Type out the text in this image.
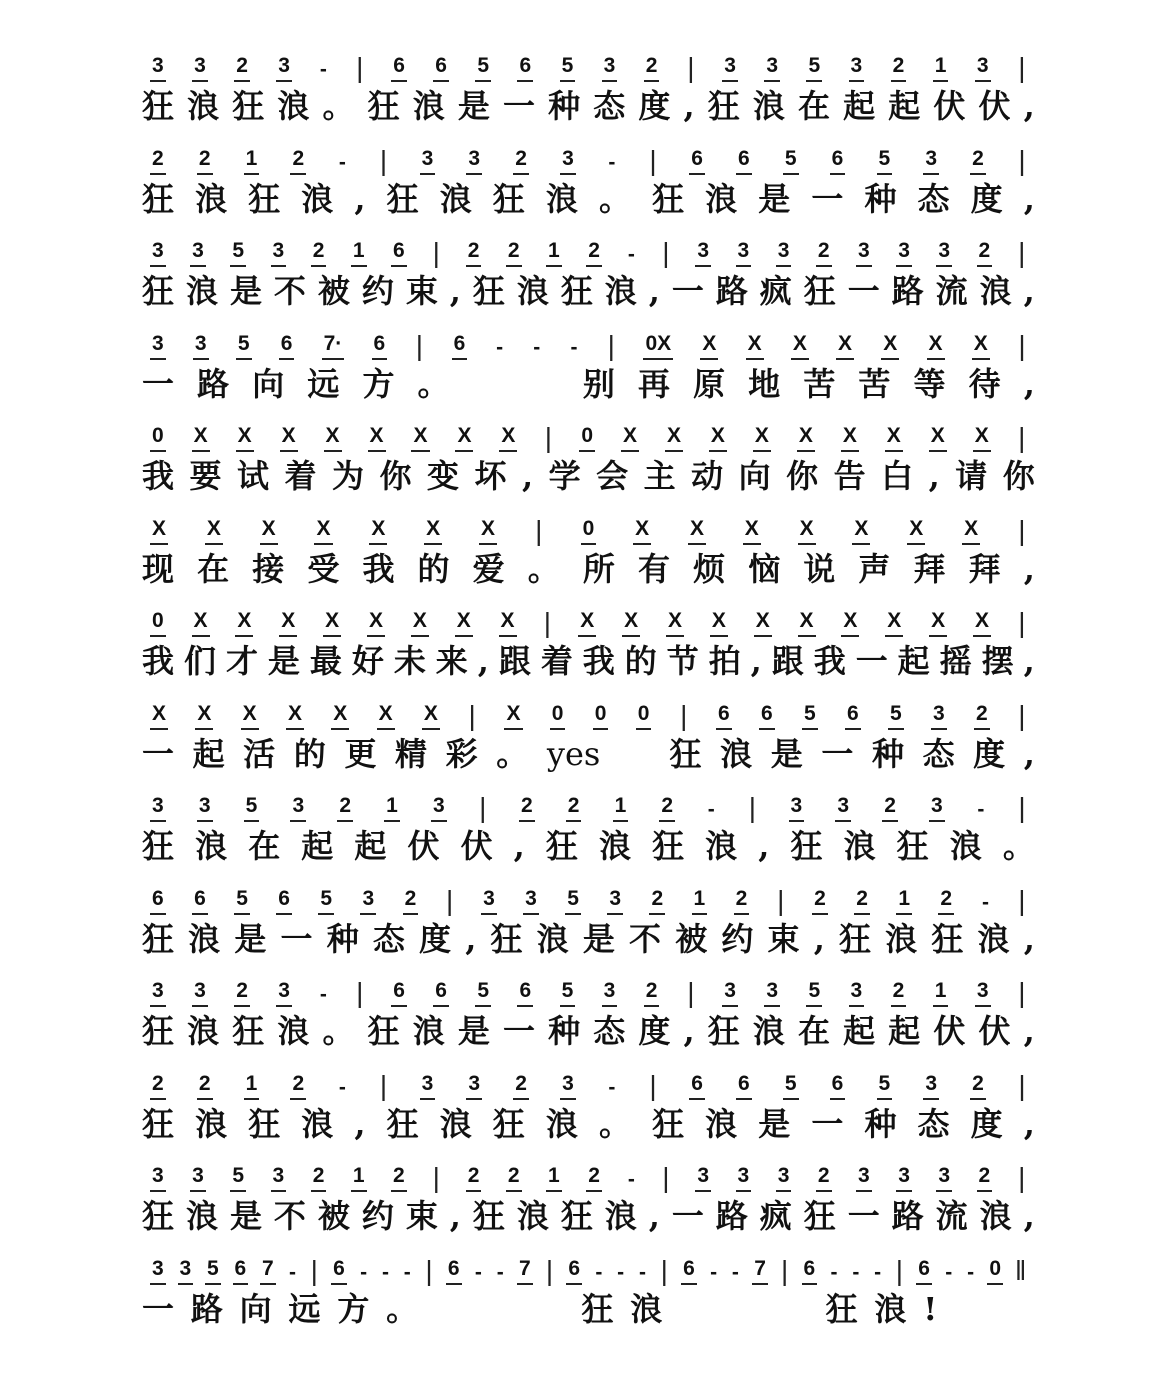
3 3 2 3 - | 6 6 5 6 5 3 2 | 3 3 5 3 2 1 3 |
狂 浪 狂 浪 。 狂 浪 是 一 种 态 度 , 狂 浪 在 起 起 伏 伏 ,
2 2 1 2 - | 3 3 2 3 - | 6 6 5 6 5 3 2 |
狂 浪 狂 浪 , 狂 浪 狂 浪 。 狂 浪 是 一 种 态 度 ,
3 3 5 3 2 1 6 | 2 2 1 2 - | 3 3 3 2 3 3 3 2 |
狂 浪 是 不 被 约 束 , 狂 浪 狂 浪 , 一 路 疯 狂 一 路 流 浪 ,
3 3 5 6 7· 6 | 6 - - - | 0X X X X X X X X |
一 路 向 远 方 。

　	别 再 原 地 苦 苦 等 待 ,
0 X X X X X X X X | 0 X X X X X X X X X |
我 要 试 着 为 你 变 坏 , 学 会 主 动 向 你 告 白 , 请 你
X X X X X X X | 0 X X X X X X X |
现 在 接 受 我 的 爱 。 所 有 烦 恼 说 声 拜 拜 ,
0 X X X X X X X X | X X X X X X X X X X |
我 们 才 是 最 好 未 来 , 跟 着 我 的 节 拍 , 跟 我 一 起 摇 摆 ,
X X X X X X X | X 0 0 0 | 6 6 5 6 5 3 2 |
一 起 活 的 更 精 彩 。 yes
　 狂 浪 是 一 种 态 度 ,
3 3 5 3 2 1 3 | 2 2 1 2 - | 3 3 2 3 - |
狂 浪 在 起 起 伏 伏 , 狂 浪 狂 浪 , 狂 浪 狂 浪 。
6 6 5 6 5 3 2 | 3 3 5 3 2 1 2 | 2 2 1 2 - |
狂 浪 是 一 种 态 度 , 狂 浪 是 不 被 约 束 , 狂 浪 狂 浪 ,
3 3 2 3 - | 6 6 5 6 5 3 2 | 3 3 5 3 2 1 3 |
狂 浪 狂 浪 。 狂 浪 是 一 种 态 度 , 狂 浪 在 起 起 伏 伏 ,
2 2 1 2 - | 3 3 2 3 - | 6 6 5 6 5 3 2 |
狂 浪 狂 浪 , 狂 浪 狂 浪 。 狂 浪 是 一 种 态 度 ,
3 3 5 3 2 1 2 | 2 2 1 2 - | 3 3 3 2 3 3 3 2 |
狂 浪 是 不 被 约 束 , 狂 浪 狂 浪 , 一 路 疯 狂 一 路 流 浪 ,
3 3 5 6 7 - | 6 - - - | 6 - - 7 | 6 - - - | 6 - - 7 | 6 - - - | 6 - - 0 ‖
一 路 向 远 方 。

　	狂 浪

　	狂 浪 !
